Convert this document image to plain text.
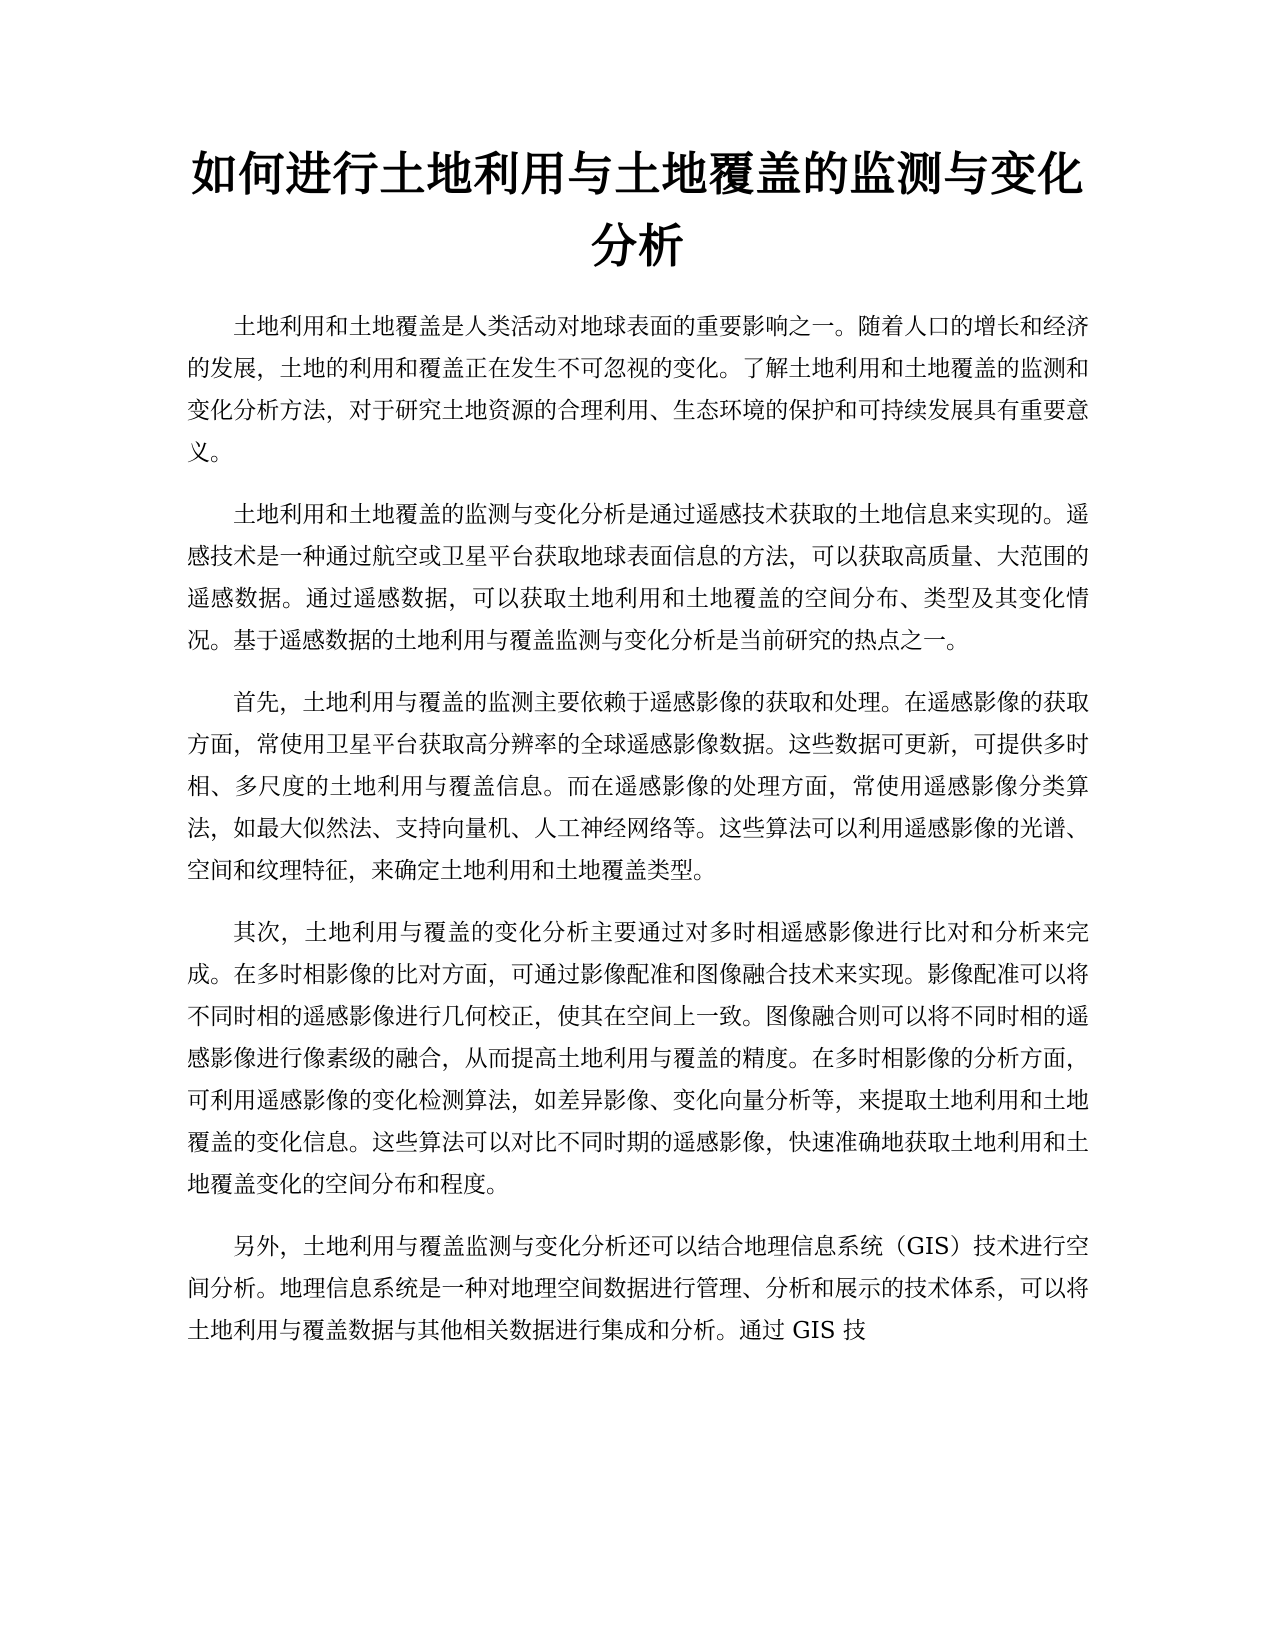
如何进行土地利用与土地覆盖的监测与变化
分析

土地利用和土地覆盖是人类活动对地球表面的重要影响之一。随着人口的增长和经济的发展，土地的利用和覆盖正在发生不可忽视的变化。了解土地利用和土地覆盖的监测和变化分析方法，对于研究土地资源的合理利用、生态环境的保护和可持续发展具有重要意义。

土地利用和土地覆盖的监测与变化分析是通过遥感技术获取的土地信息来实现的。遥感技术是一种通过航空或卫星平台获取地球表面信息的方法，可以获取高质量、大范围的遥感数据。通过遥感数据，可以获取土地利用和土地覆盖的空间分布、类型及其变化情况。基于遥感数据的土地利用与覆盖监测与变化分析是当前研究的热点之一。

首先，土地利用与覆盖的监测主要依赖于遥感影像的获取和处理。在遥感影像的获取方面，常使用卫星平台获取高分辨率的全球遥感影像数据。这些数据可更新，可提供多时相、多尺度的土地利用与覆盖信息。而在遥感影像的处理方面，常使用遥感影像分类算法，如最大似然法、支持向量机、人工神经网络等。这些算法可以利用遥感影像的光谱、空间和纹理特征，来确定土地利用和土地覆盖类型。

其次，土地利用与覆盖的变化分析主要通过对多时相遥感影像进行比对和分析来完成。在多时相影像的比对方面，可通过影像配准和图像融合技术来实现。影像配准可以将不同时相的遥感影像进行几何校正，使其在空间上一致。图像融合则可以将不同时相的遥感影像进行像素级的融合，从而提高土地利用与覆盖的精度。在多时相影像的分析方面，可利用遥感影像的变化检测算法，如差异影像、变化向量分析等，来提取土地利用和土地覆盖的变化信息。这些算法可以对比不同时期的遥感影像，快速准确地获取土地利用和土地覆盖变化的空间分布和程度。

另外，土地利用与覆盖监测与变化分析还可以结合地理信息系统（GIS）技术进行空间分析。地理信息系统是一种对地理空间数据进行管理、分析和展示的技术体系，可以将土地利用与覆盖数据与其他相关数据进行集成和分析。通过 GIS 技
